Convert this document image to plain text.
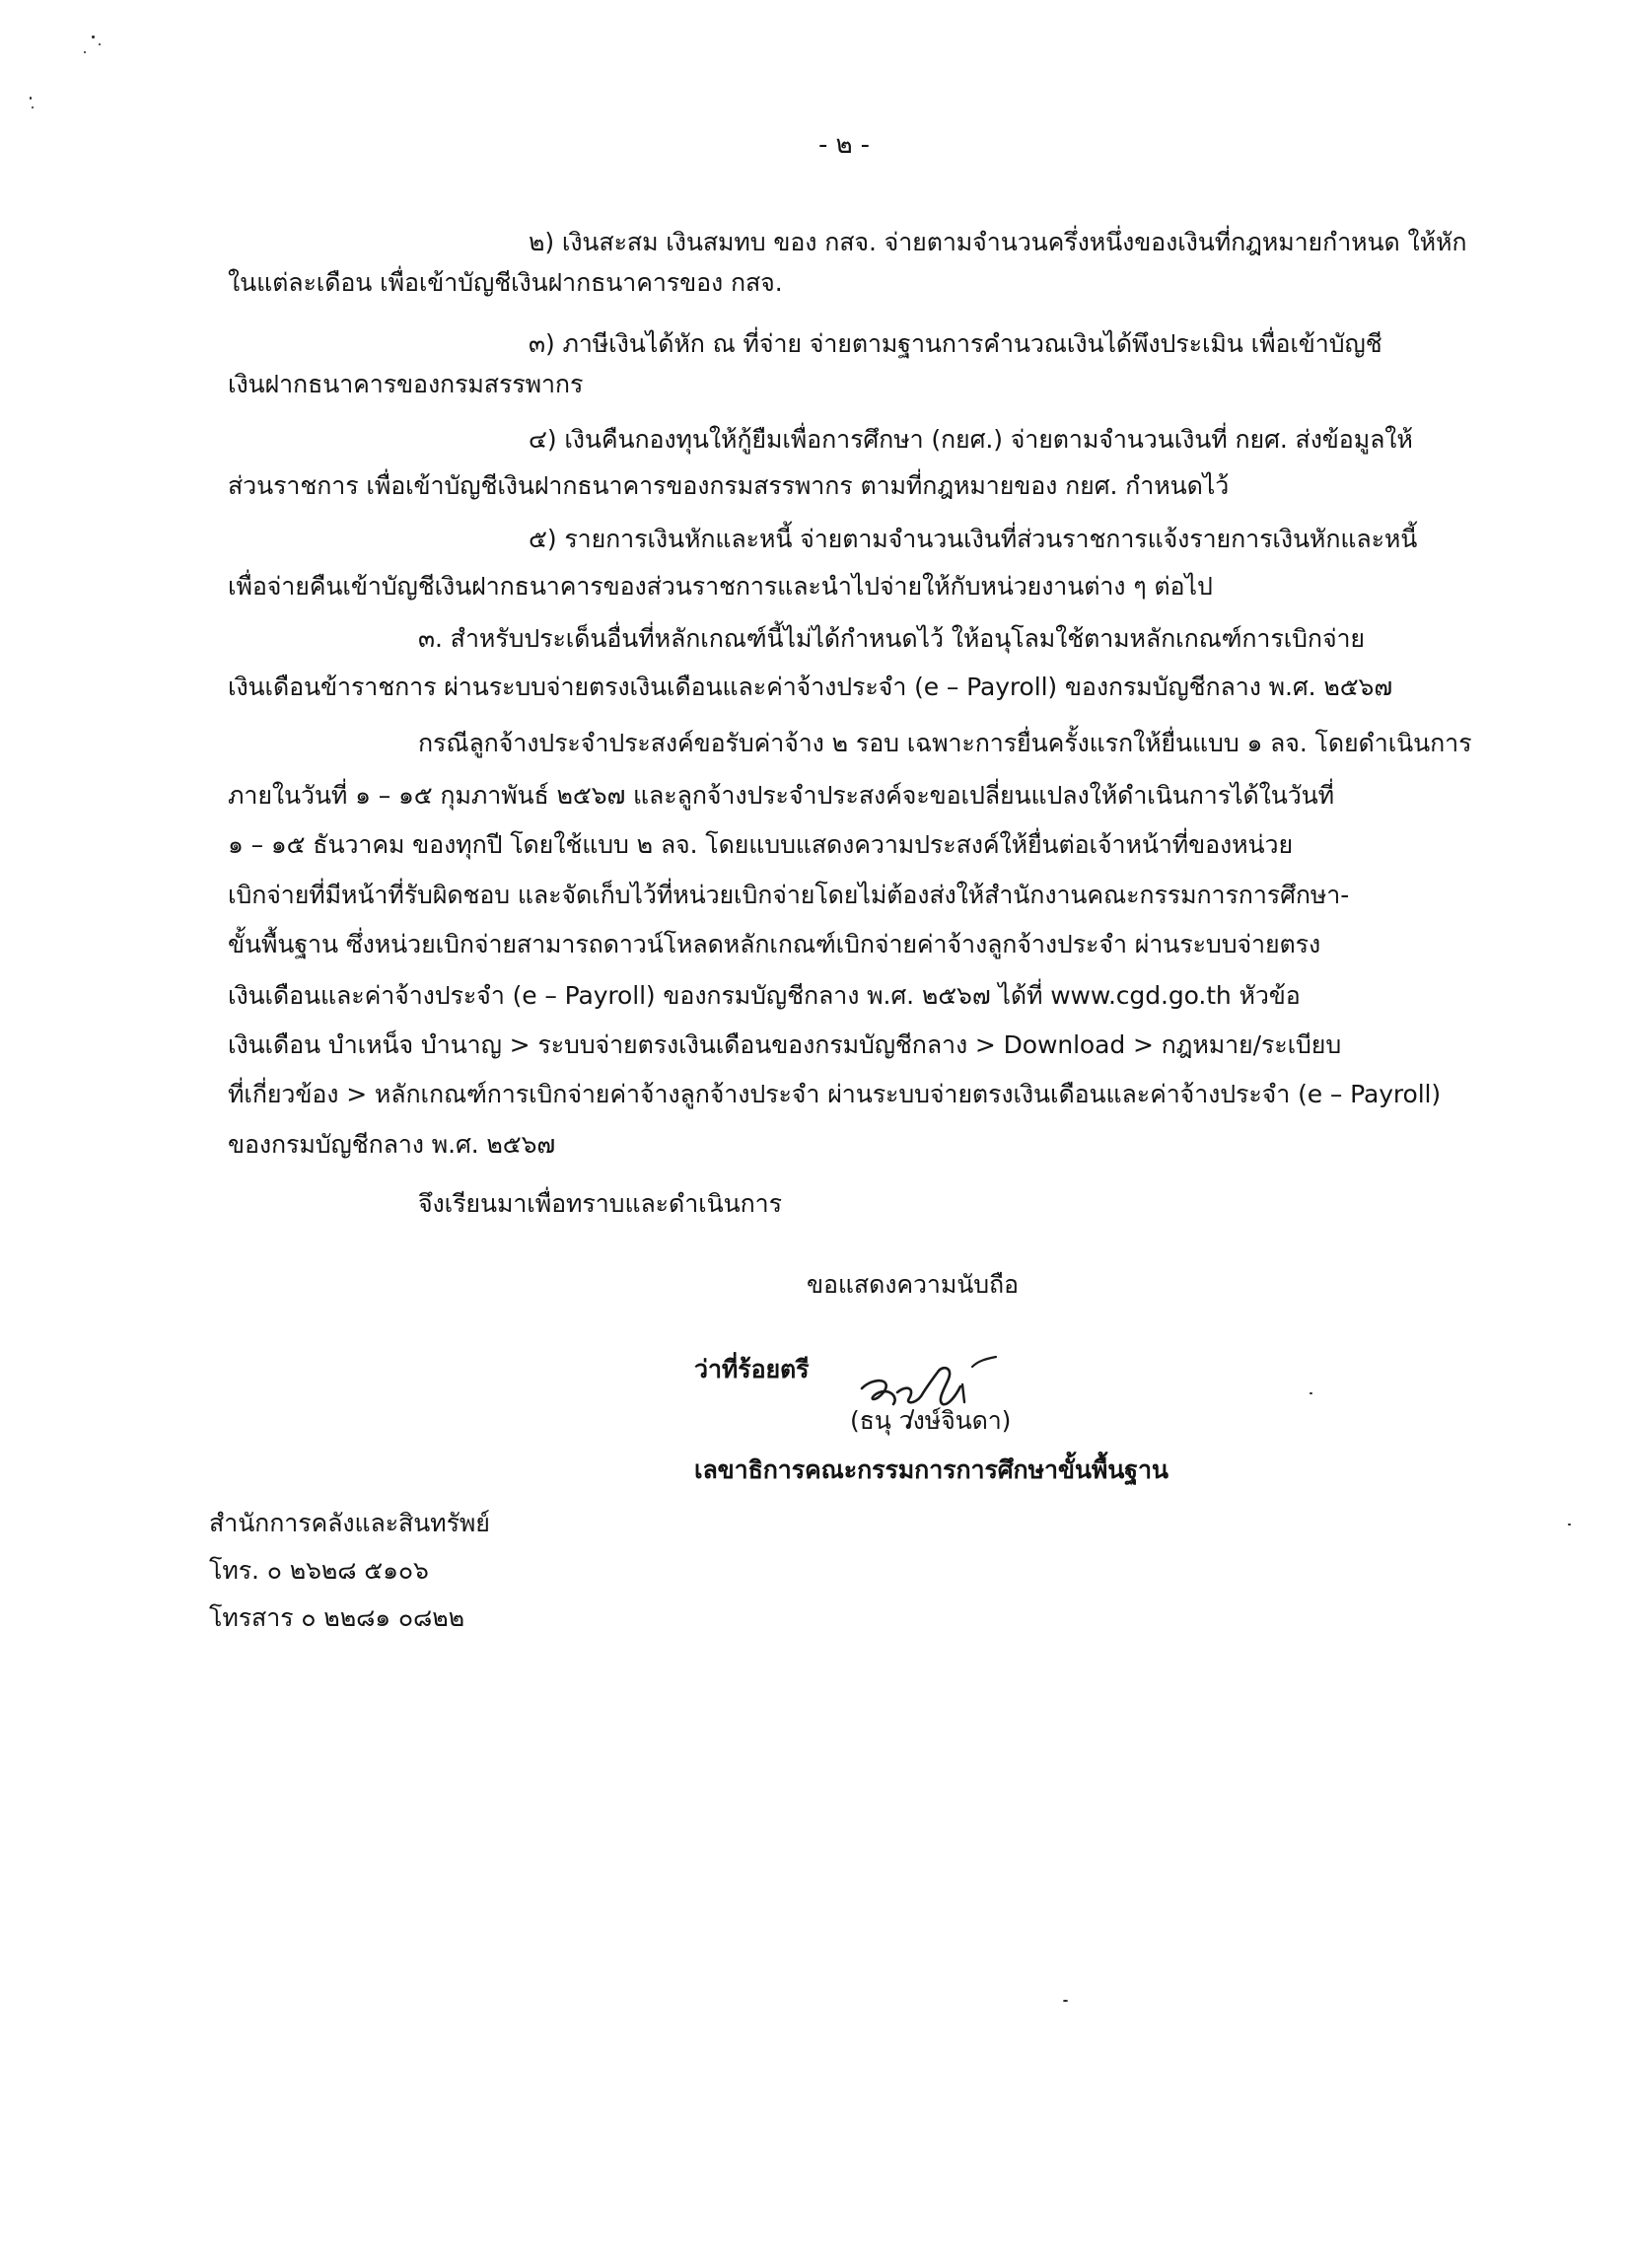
- ๒ -
๒) เงินสะสม เงินสมทบ ของ กสจ. จ่ายตามจำนวนครึ่งหนึ่งของเงินที่กฎหมายกำหนด ให้หัก
ในแต่ละเดือน เพื่อเข้าบัญชีเงินฝากธนาคารของ กสจ.
๓) ภาษีเงินได้หัก ณ ที่จ่าย จ่ายตามฐานการคำนวณเงินได้พึงประเมิน เพื่อเข้าบัญชี
เงินฝากธนาคารของกรมสรรพากร
๔) เงินคืนกองทุนให้กู้ยืมเพื่อการศึกษา (กยศ.) จ่ายตามจำนวนเงินที่ กยศ. ส่งข้อมูลให้
ส่วนราชการ เพื่อเข้าบัญชีเงินฝากธนาคารของกรมสรรพากร ตามที่กฎหมายของ กยศ. กำหนดไว้
๕) รายการเงินหักและหนี้ จ่ายตามจำนวนเงินที่ส่วนราชการแจ้งรายการเงินหักและหนี้
เพื่อจ่ายคืนเข้าบัญชีเงินฝากธนาคารของส่วนราชการและนำไปจ่ายให้กับหน่วยงานต่าง ๆ ต่อไป
๓. สำหรับประเด็นอื่นที่หลักเกณฑ์นี้ไม่ได้กำหนดไว้ ให้อนุโลมใช้ตามหลักเกณฑ์การเบิกจ่าย
เงินเดือนข้าราชการ ผ่านระบบจ่ายตรงเงินเดือนและค่าจ้างประจำ (e – Payroll) ของกรมบัญชีกลาง พ.ศ. ๒๕๖๗
กรณีลูกจ้างประจำประสงค์ขอรับค่าจ้าง ๒ รอบ เฉพาะการยื่นครั้งแรกให้ยื่นแบบ ๑ ลจ. โดยดำเนินการ
ภายในวันที่ ๑ – ๑๕ กุมภาพันธ์ ๒๕๖๗ และลูกจ้างประจำประสงค์จะขอเปลี่ยนแปลงให้ดำเนินการได้ในวันที่
๑ – ๑๕ ธันวาคม ของทุกปี โดยใช้แบบ ๒ ลจ. โดยแบบแสดงความประสงค์ให้ยื่นต่อเจ้าหน้าที่ของหน่วย
เบิกจ่ายที่มีหน้าที่รับผิดชอบ และจัดเก็บไว้ที่หน่วยเบิกจ่ายโดยไม่ต้องส่งให้สำนักงานคณะกรรมการการศึกษา-
ขั้นพื้นฐาน ซึ่งหน่วยเบิกจ่ายสามารถดาวน์โหลดหลักเกณฑ์เบิกจ่ายค่าจ้างลูกจ้างประจำ ผ่านระบบจ่ายตรง
เงินเดือนและค่าจ้างประจำ (e – Payroll) ของกรมบัญชีกลาง พ.ศ. ๒๕๖๗ ได้ที่ www.cgd.go.th หัวข้อ
เงินเดือน บำเหน็จ บำนาญ > ระบบจ่ายตรงเงินเดือนของกรมบัญชีกลาง > Download > กฎหมาย/ระเบียบ
ที่เกี่ยวข้อง > หลักเกณฑ์การเบิกจ่ายค่าจ้างลูกจ้างประจำ ผ่านระบบจ่ายตรงเงินเดือนและค่าจ้างประจำ (e – Payroll)
ของกรมบัญชีกลาง พ.ศ. ๒๕๖๗
จึงเรียนมาเพื่อทราบและดำเนินการ
ขอแสดงความนับถือ
ว่าที่ร้อยตรี
(ธนุ วงษ์จินดา)
เลขาธิการคณะกรรมการการศึกษาขั้นพื้นฐาน
สำนักการคลังและสินทรัพย์
โทร. ๐ ๒๖๒๘ ๕๑๐๖
โทรสาร ๐ ๒๒๘๑ ๐๘๒๒
